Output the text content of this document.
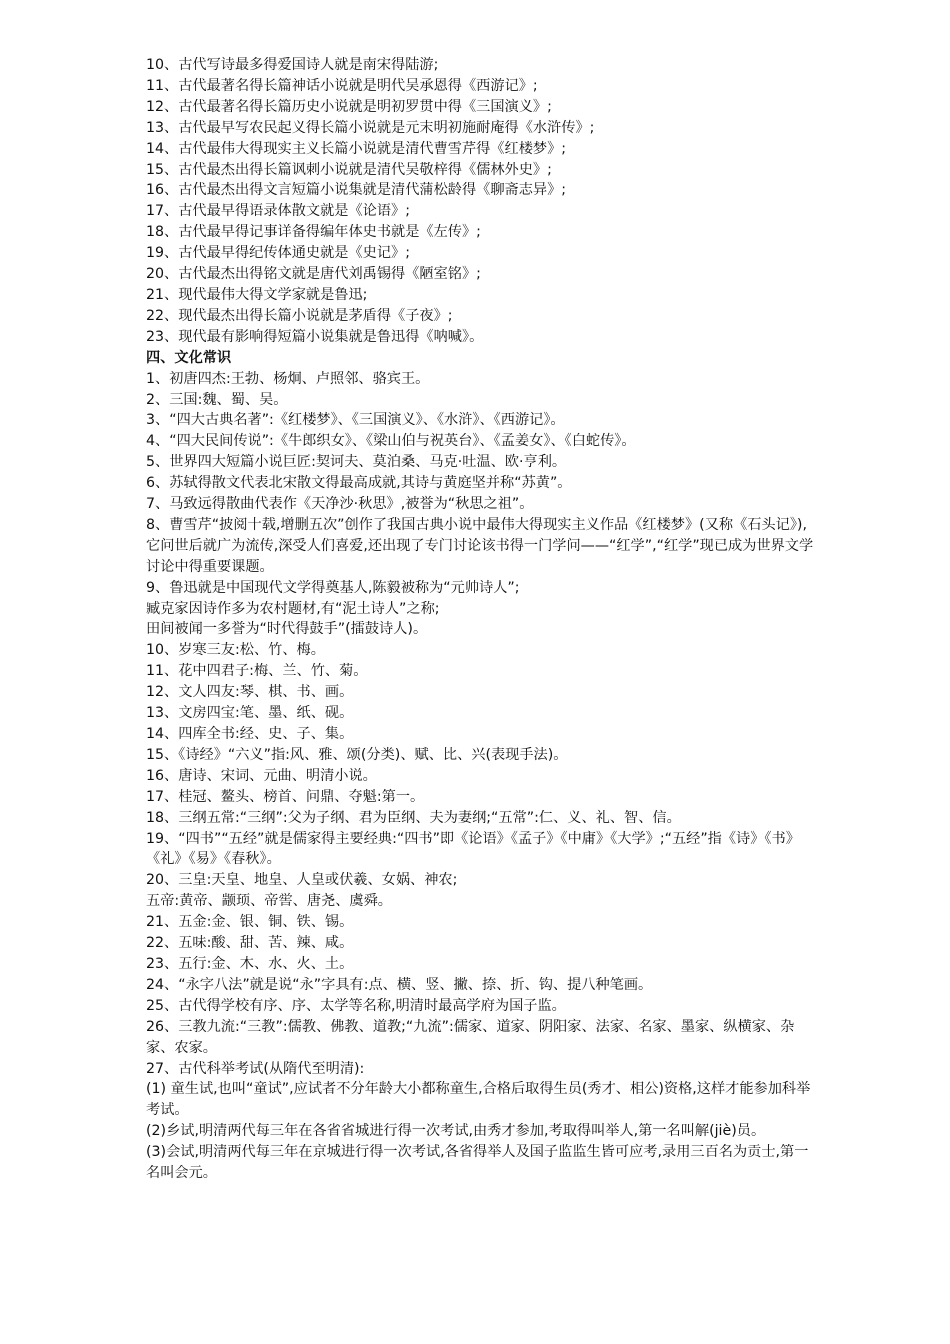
10、古代写诗最多得爱国诗人就是南宋得陆游;

11、古代最著名得长篇神话小说就是明代吴承恩得《西游记》;

12、古代最著名得长篇历史小说就是明初罗贯中得《三国演义》;

13、古代最早写农民起义得长篇小说就是元末明初施耐庵得《水浒传》;

14、古代最伟大得现实主义长篇小说就是清代曹雪芹得《红楼梦》;

15、古代最杰出得长篇讽刺小说就是清代吴敬梓得《儒林外史》;

16、古代最杰出得文言短篇小说集就是清代蒲松龄得《聊斋志异》;

17、古代最早得语录体散文就是《论语》;

18、古代最早得记事详备得编年体史书就是《左传》;

19、古代最早得纪传体通史就是《史记》;

20、古代最杰出得铭文就是唐代刘禹锡得《陋室铭》;

21、现代最伟大得文学家就是鲁迅;

22、现代最杰出得长篇小说就是茅盾得《子夜》;

23、现代最有影响得短篇小说集就是鲁迅得《呐喊》。

四、文化常识

1、初唐四杰:王勃、杨炯、卢照邻、骆宾王。

2、三国:魏、蜀、吴。

3、“四大古典名著”:《红楼梦》、《三国演义》、《水浒》、《西游记》。

4、“四大民间传说”:《牛郎织女》、《梁山伯与祝英台》、《孟姜女》、《白蛇传》。

5、世界四大短篇小说巨匠:契诃夫、莫泊桑、马克·吐温、欧·亨利。

6、苏轼得散文代表北宋散文得最高成就,其诗与黄庭坚并称“苏黄”。

7、马致远得散曲代表作《天净沙·秋思》,被誉为“秋思之祖”。

8、曹雪芹“披阅十载,增删五次”创作了我国古典小说中最伟大得现实主义作品《红楼梦》(又称《石头记》),它问世后就广为流传,深受人们喜爱,还出现了专门讨论该书得一门学问——“红学”,“红学”现已成为世界文学讨论中得重要课题。

9、鲁迅就是中国现代文学得奠基人,陈毅被称为“元帅诗人”;

臧克家因诗作多为农村题材,有“泥土诗人”之称;

田间被闻一多誉为“时代得鼓手”(擂鼓诗人)。

10、岁寒三友:松、竹、梅。

11、花中四君子:梅、兰、竹、菊。

12、文人四友:琴、棋、书、画。

13、文房四宝:笔、墨、纸、砚。

14、四库全书:经、史、子、集。

15、《诗经》“六义”指:风、雅、颂(分类)、赋、比、兴(表现手法)。

16、唐诗、宋词、元曲、明清小说。

17、桂冠、鳌头、榜首、问鼎、夺魁:第一。

18、三纲五常:“三纲”:父为子纲、君为臣纲、夫为妻纲;“五常”:仁、义、礼、智、信。

19、“四书”“五经”就是儒家得主要经典:“四书”即《论语》《孟子》《中庸》《大学》;“五经”指《诗》《书》《礼》《易》《春秋》。

20、三皇:天皇、地皇、人皇或伏羲、女娲、神农;

五帝:黄帝、颛顼、帝喾、唐尧、虞舜。

21、五金:金、银、铜、铁、锡。

22、五味:酸、甜、苦、辣、咸。

23、五行:金、木、水、火、土。

24、“永字八法”就是说“永”字具有:点、横、竖、撇、捺、折、钩、提八种笔画。

25、古代得学校有序、序、太学等名称,明清时最高学府为国子监。

26、三教九流:“三教”:儒教、佛教、道教;“九流”:儒家、道家、阴阳家、法家、名家、墨家、纵横家、杂家、农家。

27、古代科举考试(从隋代至明清):

(1) 童生试,也叫“童试”,应试者不分年龄大小都称童生,合格后取得生员(秀才、相公)资格,这样才能参加科举考试。

(2)乡试,明清两代每三年在各省省城进行得一次考试,由秀才参加,考取得叫举人,第一名叫解(jiè)员。

(3)会试,明清两代每三年在京城进行得一次考试,各省得举人及国子监监生皆可应考,录用三百名为贡士,第一名叫会元。
